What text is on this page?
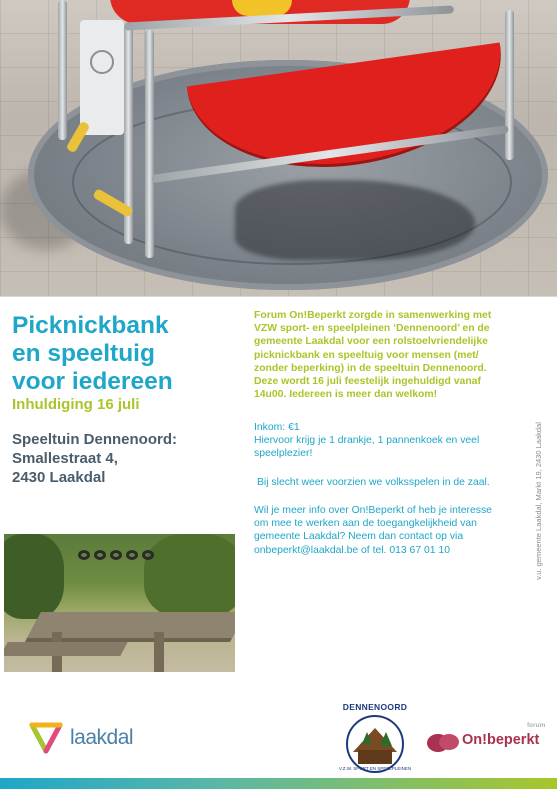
Picknickbank
en speeltuig
voor iedereen
Inhuldiging 16 juli
Speeltuin Dennenoord:
Smallestraat 4,
2430 Laakdal
Forum On!Beperkt zorgde in samenwerking met
VZW sport- en speelpleinen ‘Dennenoord’ en de
gemeente Laakdal voor een rolstoelvriendelijke
picknickbank en speeltuig voor mensen (met/
zonder beperking) in de speeltuin Dennenoord.
Deze wordt 16 juli feestelijk ingehuldigd vanaf
14u00. Iedereen is meer dan welkom!
Inkom: €1
Hiervoor krijg je 1 drankje, 1 pannenkoek en veel
speelplezier!
Bij slecht weer voorzien we volksspelen in de zaal.
Wil je meer info over On!Beperkt of heb je interesse
om mee te werken aan de toegangkelijkheid van
gemeente Laakdal? Neem dan contact op via
onbeperkt@laakdal.be of tel. 013 67 01 10	v.u. gemeente Laakdal, Markt 19, 2430 Laakdal
laakdal
V.Z.W. SPORT EN SPEELPLEINEN
DENNENOORD
forum
On!beperkt
